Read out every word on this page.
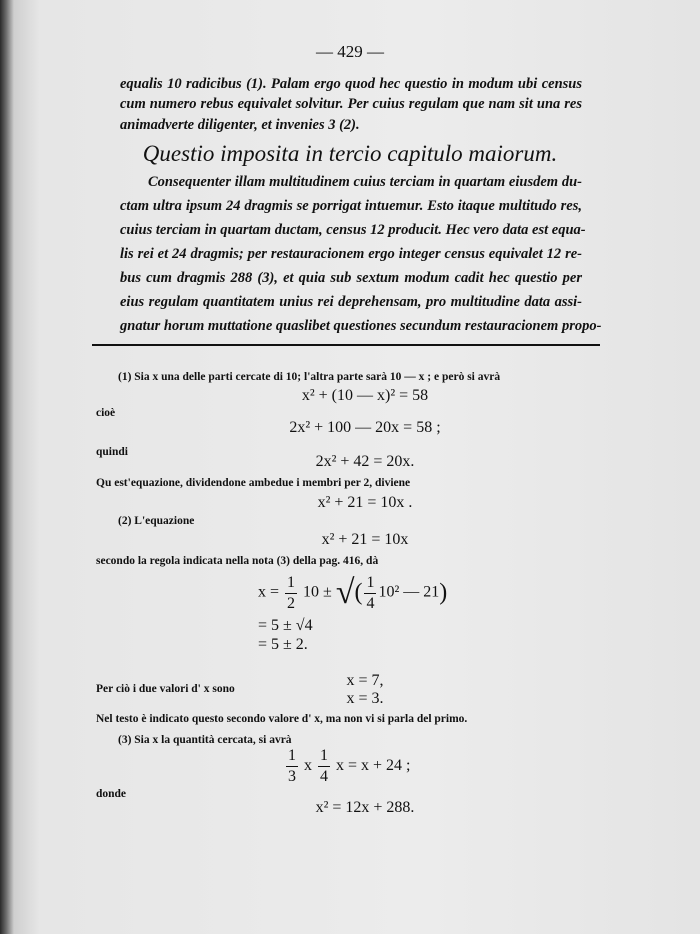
— 429 —
equalis 10 radicibus (1). Palam ergo quod hec questio in modum ubi census
cum numero rebus equivalet solvitur. Per cuius regulam que nam sit una res
animadverte diligenter, et invenies 3 (2).
Questio imposita in tercio capitulo maiorum.
Consequenter illam multitudinem cuius terciam in quartam eiusdem du-
ctam ultra ipsum 24 dragmis se porrigat intuemur. Esto itaque multitudo res,
cuius terciam in quartam ductam, census 12 producit. Hec vero data est equa-
lis rei et 24 dragmis; per restauracionem ergo integer census equivalet 12 re-
bus cum dragmis 288 (3), et quia sub sextum modum cadit hec questio per
eius regulam quantitatem unius rei deprehensam, pro multitudine data assi-
gnatur horum muttatione quaslibet questiones secundum restauracionem propo-
(1) Sia x una delle parti cercate di 10; l'altra parte sarà 10 — x ; e però si avrà
x² + (10 — x)² = 58
cioè
2x² + 100 — 20x = 58 ;
quindi
2x² + 42 = 20x.
Qu est'equazione, dividendone ambedue i membri per 2, diviene
x² + 21 = 10x .
(2) L'equazione
x² + 21 = 10x
secondo la regola indicata nella nota (3) della pag. 416, dà
$x = \frac{1}{2} 10$ ± √( $\frac{1}{4} 10^2$ — 21)
= 5 ± √4
= 5 ± 2.
x = 7,
Per ciò i due valori d' x sono
x = 3.
Nel testo è indicato questo secondo valore d' x, ma non vi si parla del primo.
(3) Sia x la quantità cercata, si avrà
$\frac{1}{3}$ x $\frac{1}{4}$ x = x + 24 ;
donde
x² = 12x + 288.
